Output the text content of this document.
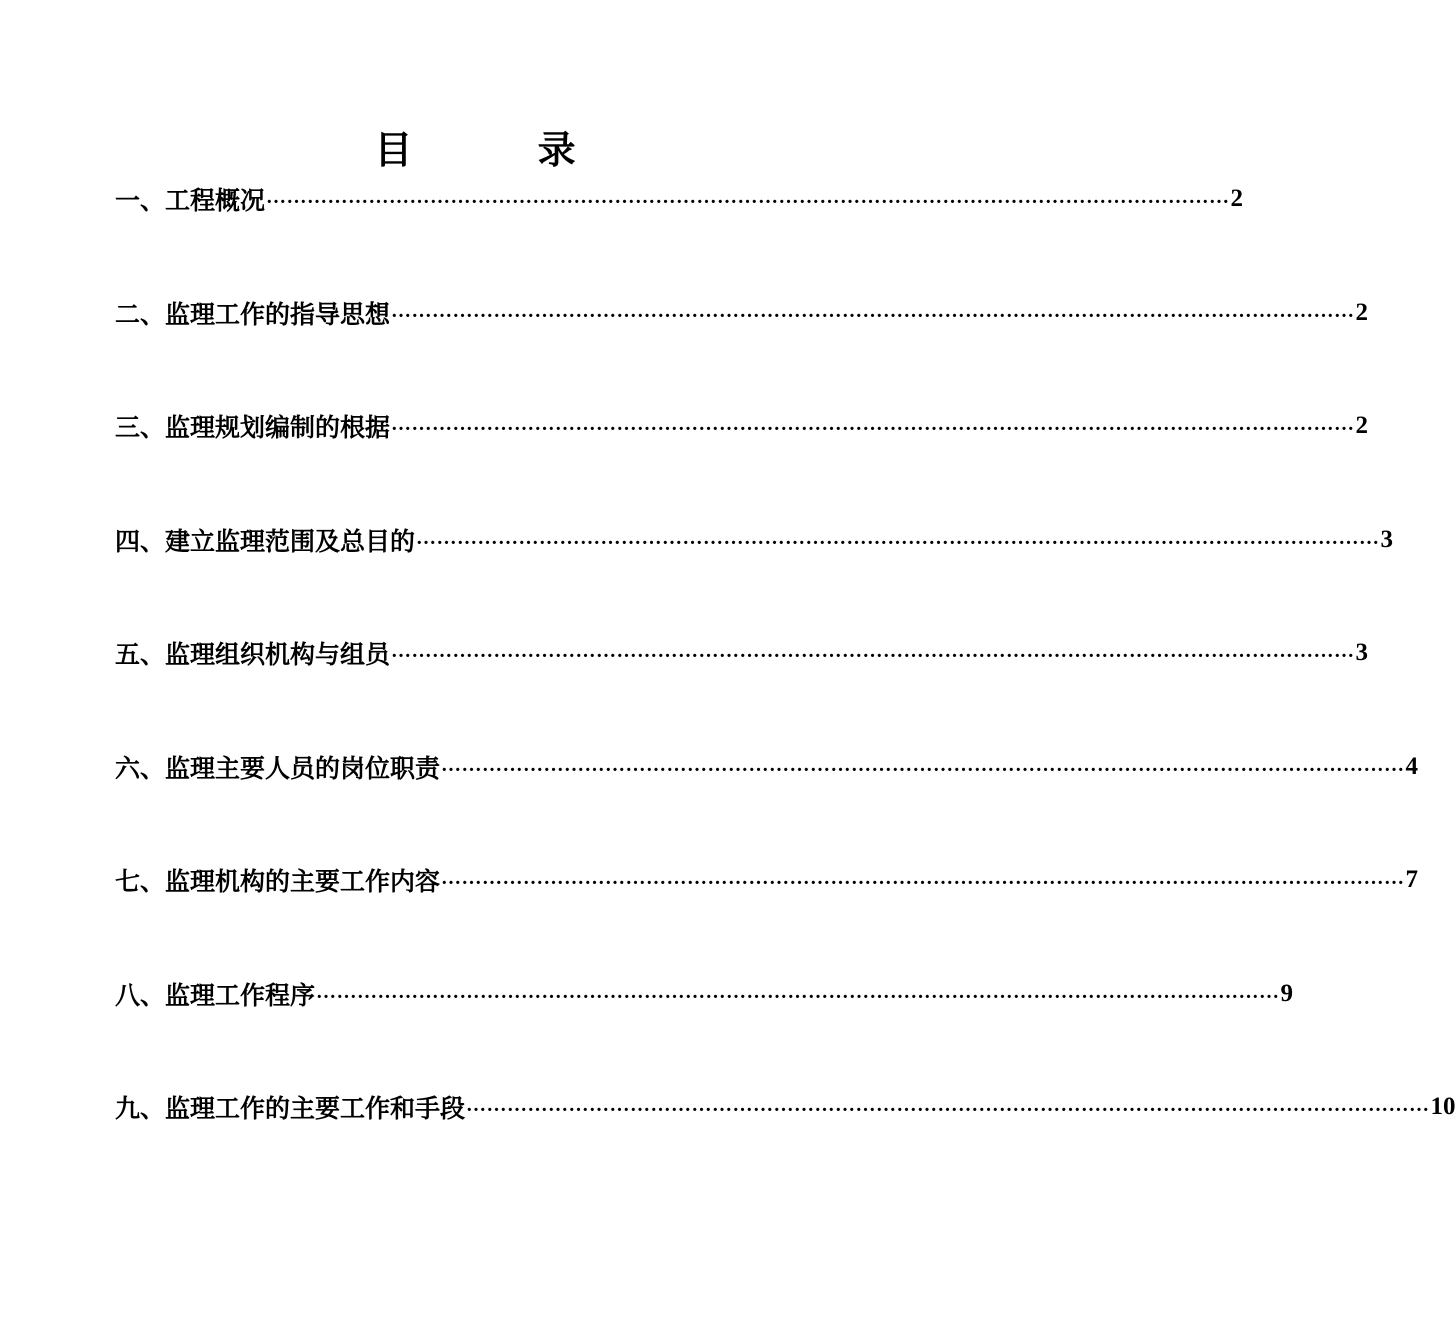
目 录
一、工程概况 …………………………………………………………………………………………………………………………… 2
二、监理工作的指导思想 …………………………………………………………………………………………………………………………… 2
三、监理规划编制的根据 …………………………………………………………………………………………………………………………… 2
四、建立监理范围及总目的 …………………………………………………………………………………………………………………………… 3
五、监理组织机构与组员 …………………………………………………………………………………………………………………………… 3
六、监理主要人员的岗位职责 …………………………………………………………………………………………………………………………… 4
七、监理机构的主要工作内容 …………………………………………………………………………………………………………………………… 7
八、监理工作程序 …………………………………………………………………………………………………………………………… 9
九、监理工作的主要工作和手段 …………………………………………………………………………………………………………………………… 10
